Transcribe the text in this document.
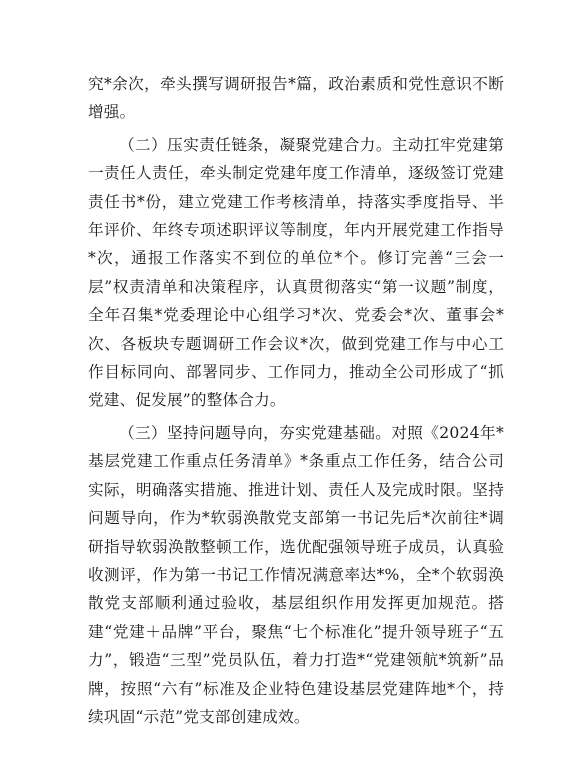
究*余次，牵头撰写调研报告*篇，政治素质和党性意识不断增强。

（二）压实责任链条，凝聚党建合力。主动扛牢党建第一责任人责任，牵头制定党建年度工作清单，逐级签订党建责任书*份，建立党建工作考核清单，持落实季度指导、半年评价、年终专项述职评议等制度，年内开展党建工作指导*次，通报工作落实不到位的单位*个。修订完善“三会一层”权责清单和决策程序，认真贯彻落实“第一议题”制度，全年召集*党委理论中心组学习*次、党委会*次、董事会*次、各板块专题调研工作会议*次，做到党建工作与中心工作目标同向、部署同步、工作同力，推动全公司形成了“抓党建、促发展”的整体合力。

（三）坚持问题导向，夯实党建基础。对照《2024年*基层党建工作重点任务清单》*条重点工作任务，结合公司实际，明确落实措施、推进计划、责任人及完成时限。坚持问题导向，作为*软弱涣散党支部第一书记先后*次前往*调研指导软弱涣散整顿工作，选优配强领导班子成员，认真验收测评，作为第一书记工作情况满意率达*%，全*个软弱涣散党支部顺利通过验收，基层组织作用发挥更加规范。搭建“党建＋品牌”平台，聚焦“七个标准化”提升领导班子“五力”，锻造“三型”党员队伍，着力打造*“党建领航*筑新”品牌，按照“六有”标准及企业特色建设基层党建阵地*个，持续巩固“示范”党支部创建成效。
